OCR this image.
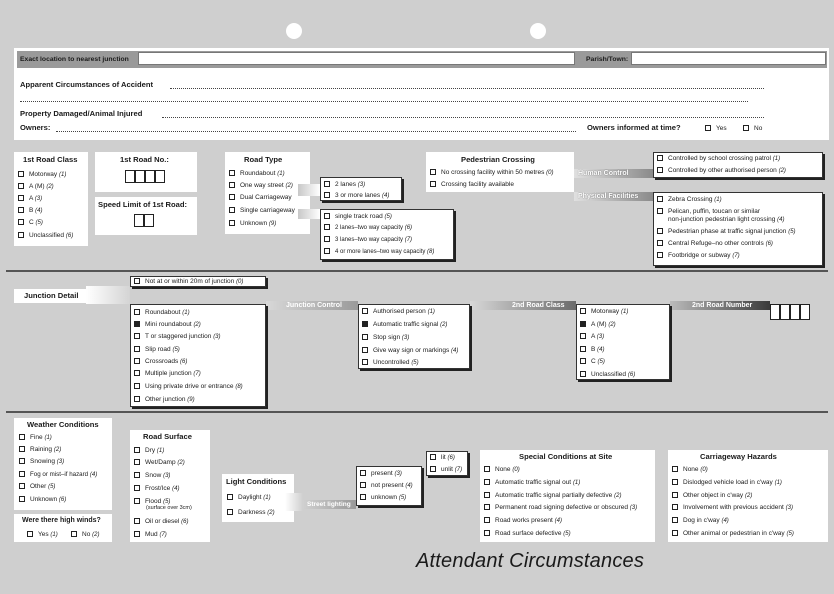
Exact location to nearest junction	Parish/Town:
Apparent Circumstances of Accident
Property Damaged/Animal Injured
Owners:	Owners informed at time?	Yes	No
1st Road Class
Motorway (1)
A (M) (2)
A (3)
B (4)
C (5)
Unclassified (6)
1st Road No.:
Speed Limit of 1st Road:
Road Type
Roundabout (1)
One way street (2)
Dual Carriageway
Single carriageway
Unknown (9)
2 lanes (3)
3 or more lanes (4)
single track road (5)
2 lanes–two way capacity (6)
3 lanes–two way capacity (7)
4 or more lanes–two way capacity (8)
Pedestrian Crossing
No crossing facility within 50 metres (0)
Crossing facility available
Human Control
Physical Facilities
Controlled by school crossing patrol (1)
Controlled by other authorised person (2)
Zebra Crossing (1)
Pelican, puffin, toucan or similar
non-junction pedestrian light crossing (4)
Pedestrian phase at traffic signal junction (5)
Central Refuge–no other controls (6)
Footbridge or subway (7)
Not at or within 20m of junction (0)
Junction Detail
Junction Control	2nd Road Class	2nd Road Number
Roundabout (1)
Mini roundabout (2)
T or staggered junction (3)
Slip road (5)
Crossroads (6)
Multiple junction (7)
Using private drive or entrance (8)
Other junction (9)
Authorised person (1)
Automatic traffic signal (2)
Stop sign (3)
Give way sign or markings (4)
Uncontrolled (5)
Motorway (1)
A (M) (2)
A (3)
B (4)
C (5)
Unclassified (6)
Weather Conditions
Fine (1)
Raining (2)
Snowing (3)
Fog or mist–if hazard (4)
Other (5)
Unknown (6)
Were there high winds?
Yes (1)	No (2)
Road Surface
Dry (1)
Wet/Damp (2)
Snow (3)
Frost/Ice (4)
Flood (5)
(surface over 3cm)
Oil or diesel (6)
Mud (7)
Light Conditions
Daylight (1)
Darkness (2)
Street lighting
present (3)
not present (4)
unknown (5)
lit (6)
unlit (7)
Special Conditions at Site
None (0)
Automatic traffic signal out (1)
Automatic traffic signal partially defective (2)
Permanent road signing defective or obscured (3)
Road works present (4)
Road surface defective (5)
Carriageway Hazards
None (0)
Dislodged vehicle load in c'way (1)
Other object in c'way (2)
Involvement with previous accident (3)
Dog in c'way (4)
Other animal or pedestrian in c'way (5)
Attendant Circumstances
